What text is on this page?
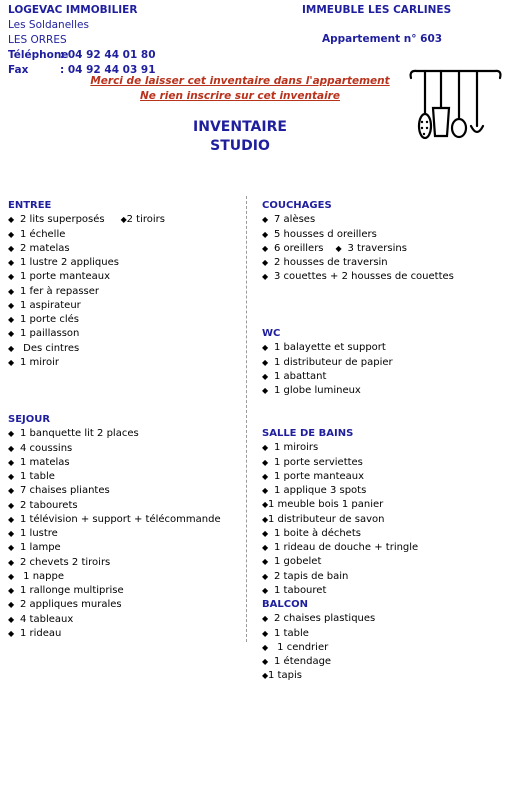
LOGEVAC IMMOBILIER
Les Soldanelles
LES ORRES
Téléphone: 04 92 44 01 80
Fax	: 04 92 44 03 91
IMMEUBLE LES CARLINES
Appartement n° 603
Merci de laisser cet inventaire dans l'appartement
Ne rien inscrire sur cet inventaire
INVENTAIRE
STUDIO
ENTREE
◆ 2 lits superposés ◆2 tiroirs
◆ 1 échelle
◆ 2 matelas
◆ 1 lustre 2 appliques
◆ 1 porte manteaux
◆ 1 fer à repasser
◆ 1 aspirateur
◆ 1 porte clés
◆ 1 paillasson
◆ Des cintres
◆ 1 miroir
SEJOUR
◆ 1 banquette lit 2 places
◆ 4 coussins
◆ 1 matelas
◆ 1 table
◆ 7 chaises pliantes
◆ 2 tabourets
◆ 1 télévision + support + télécommande
◆ 1 lustre
◆ 1 lampe
◆ 2 chevets 2 tiroirs
◆ 1 nappe
◆ 1 rallonge multiprise
◆ 2 appliques murales
◆ 4 tableaux
◆ 1 rideau
COUCHAGES
◆ 7 alèses
◆ 5 housses d oreillers
◆ 6 oreillers ◆ 3 traversins
◆ 2 housses de traversin
◆ 3 couettes + 2 housses de couettes
WC
◆ 1 balayette et support
◆ 1 distributeur de papier
◆ 1 abattant
◆ 1 globe lumineux
SALLE DE BAINS
◆ 1 miroirs
◆ 1 porte serviettes
◆ 1 porte manteaux
◆ 1 applique 3 spots
◆1 meuble bois 1 panier
◆1 distributeur de savon
◆ 1 boite à déchets
◆ 1 rideau de douche + tringle
◆ 1 gobelet
◆ 2 tapis de bain
◆ 1 tabouret
BALCON
◆ 2 chaises plastiques
◆ 1 table
◆ 1 cendrier
◆ 1 étendage
◆1 tapis
